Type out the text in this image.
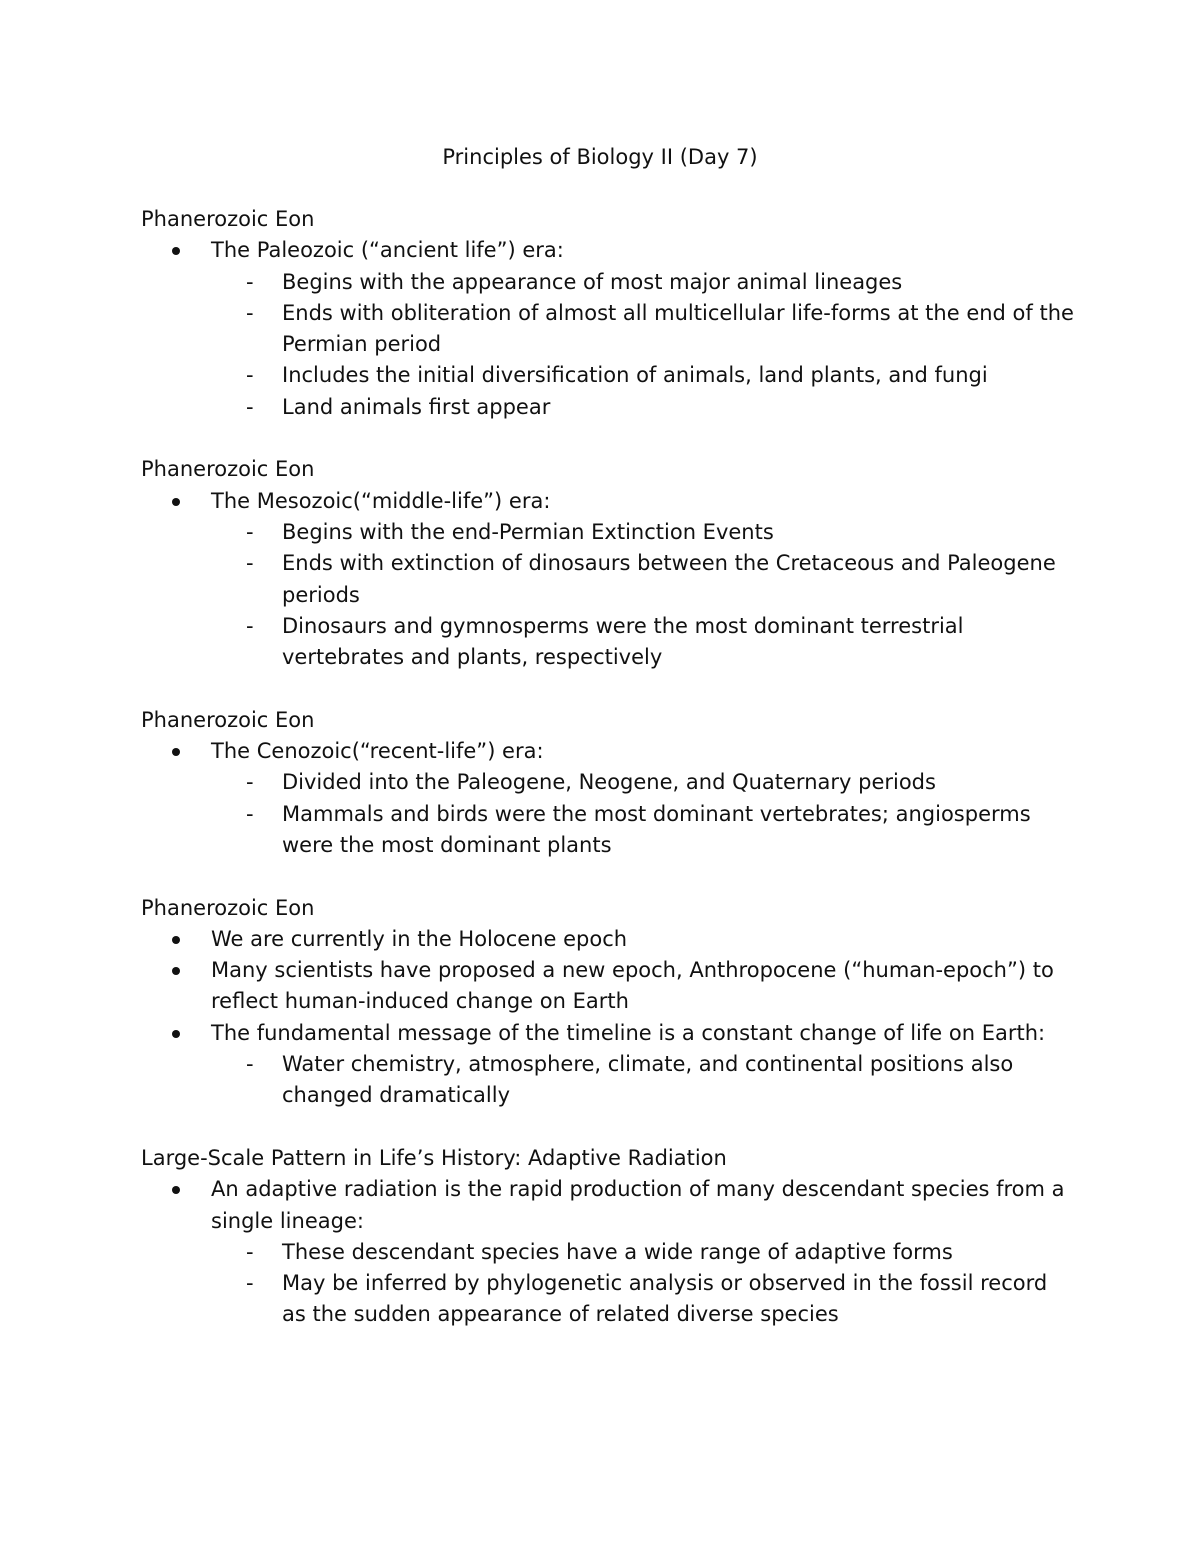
Principles of Biology II (Day 7)
Phanerozoic Eon
The Paleozoic (“ancient life”) era:
- Begins with the appearance of most major animal lineages
- Ends with obliteration of almost all multicellular life-forms at the end of the Permian period
- Includes the initial diversification of animals, land plants, and fungi
- Land animals first appear
Phanerozoic Eon
The Mesozoic(“middle-life”) era:
- Begins with the end-Permian Extinction Events
- Ends with extinction of dinosaurs between the Cretaceous and Paleogene periods
- Dinosaurs and gymnosperms were the most dominant terrestrial vertebrates and plants, respectively
Phanerozoic Eon
The Cenozoic(“recent-life”) era:
- Divided into the Paleogene, Neogene, and Quaternary periods
- Mammals and birds were the most dominant vertebrates; angiosperms were the most dominant plants
Phanerozoic Eon
We are currently in the Holocene epoch
Many scientists have proposed a new epoch, Anthropocene (“human-epoch”) to reflect human-induced change on Earth
The fundamental message of the timeline is a constant change of life on Earth:
- Water chemistry, atmosphere, climate, and continental positions also changed dramatically
Large-Scale Pattern in Life’s History: Adaptive Radiation
An adaptive radiation is the rapid production of many descendant species from a single lineage:
- These descendant species have a wide range of adaptive forms
- May be inferred by phylogenetic analysis or observed in the fossil record as the sudden appearance of related diverse species
